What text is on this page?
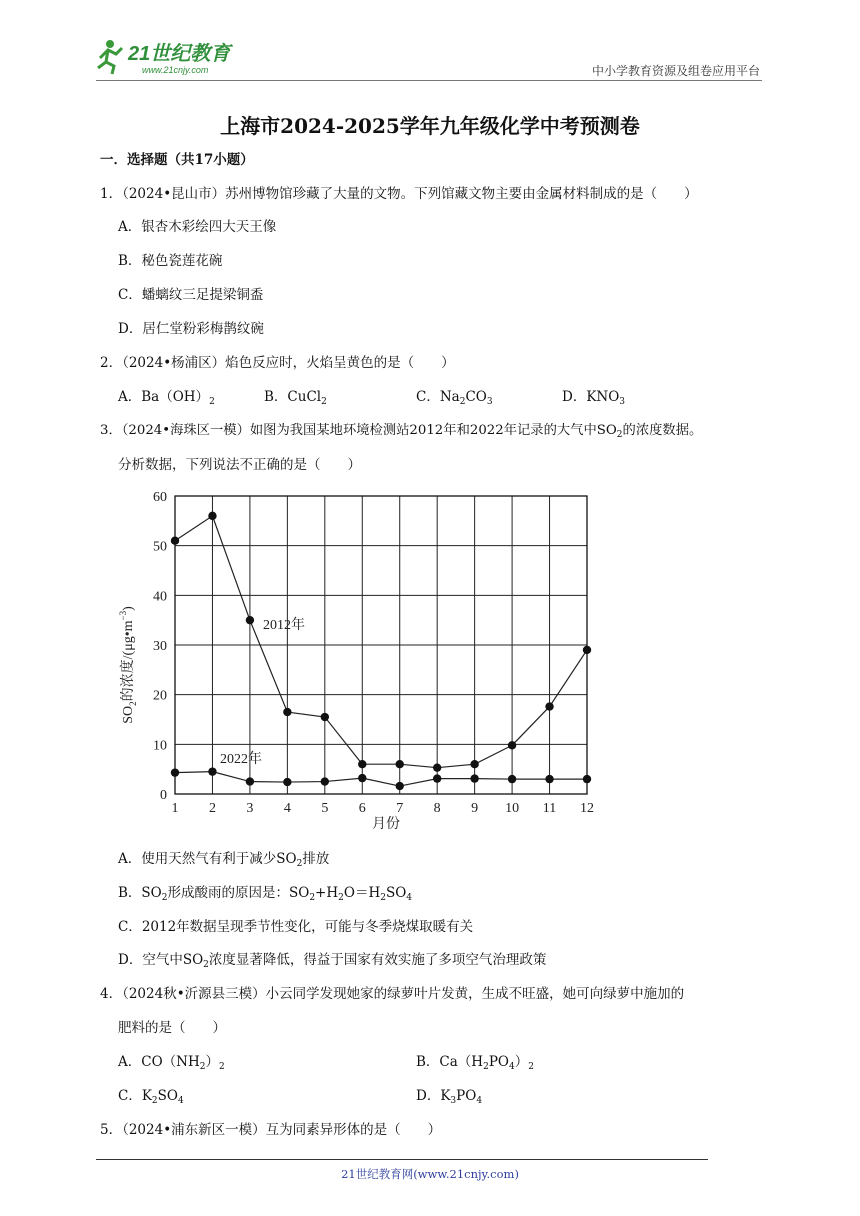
21世纪教育
www.21cnjy.com	中小学教育资源及组卷应用平台
上海市2024-2025学年九年级化学中考预测卷
一．选择题（共17小题）
1．（2024•昆山市）苏州博物馆珍藏了大量的文物。下列馆藏文物主要由金属材料制成的是（　　）
A．银杏木彩绘四大天王像
B．秘色瓷莲花碗
C．蟠螭纹三足提梁铜盉
D．居仁堂粉彩梅鹊纹碗
2．（2024•杨浦区）焰色反应时，火焰呈黄色的是（　　）
A．$Ba(OH)_2$	B．CuCl$_2$	C．$Na_2CO_3$	D．$KNO_3$
3．（2024•海珠区一模）如图为我国某地环境检测站2012年和2022年记录的大气中$SO_2$的浓度数据。
分析数据，下列说法不正确的是（　　）
1 2 3 4 5 6 7 8 9 10 11 12
0
10
20
30
40
50
60
2012年
2022年
$SO_2$的浓度$/(\mu g•m^{-3})$
月份
A．使用天然气有利于减少$SO_2$排放
B．$SO_2$形成酸雨的原因是：$SO_2+H_2O=H_2SO_4$
C．2012年数据呈现季节性变化，可能与冬季烧煤取暖有关
D．空气中$SO_2$浓度显著降低，得益于国家有效实施了多项空气治理政策
4．（2024秋•沂源县三模）小云同学发现她家的绿萝叶片发黄，生成不旺盛，她可向绿萝中施加的
肥料的是（　　）
A．$CO(NH_2)_2$	B．$Ca(H_2PO_4)_2$
C．$K_2SO_4$	D．$K_3PO_4$
5．（2024•浦东新区一模）互为同素异形体的是（　　）
21世纪教育网(www.21cnjy.com)
